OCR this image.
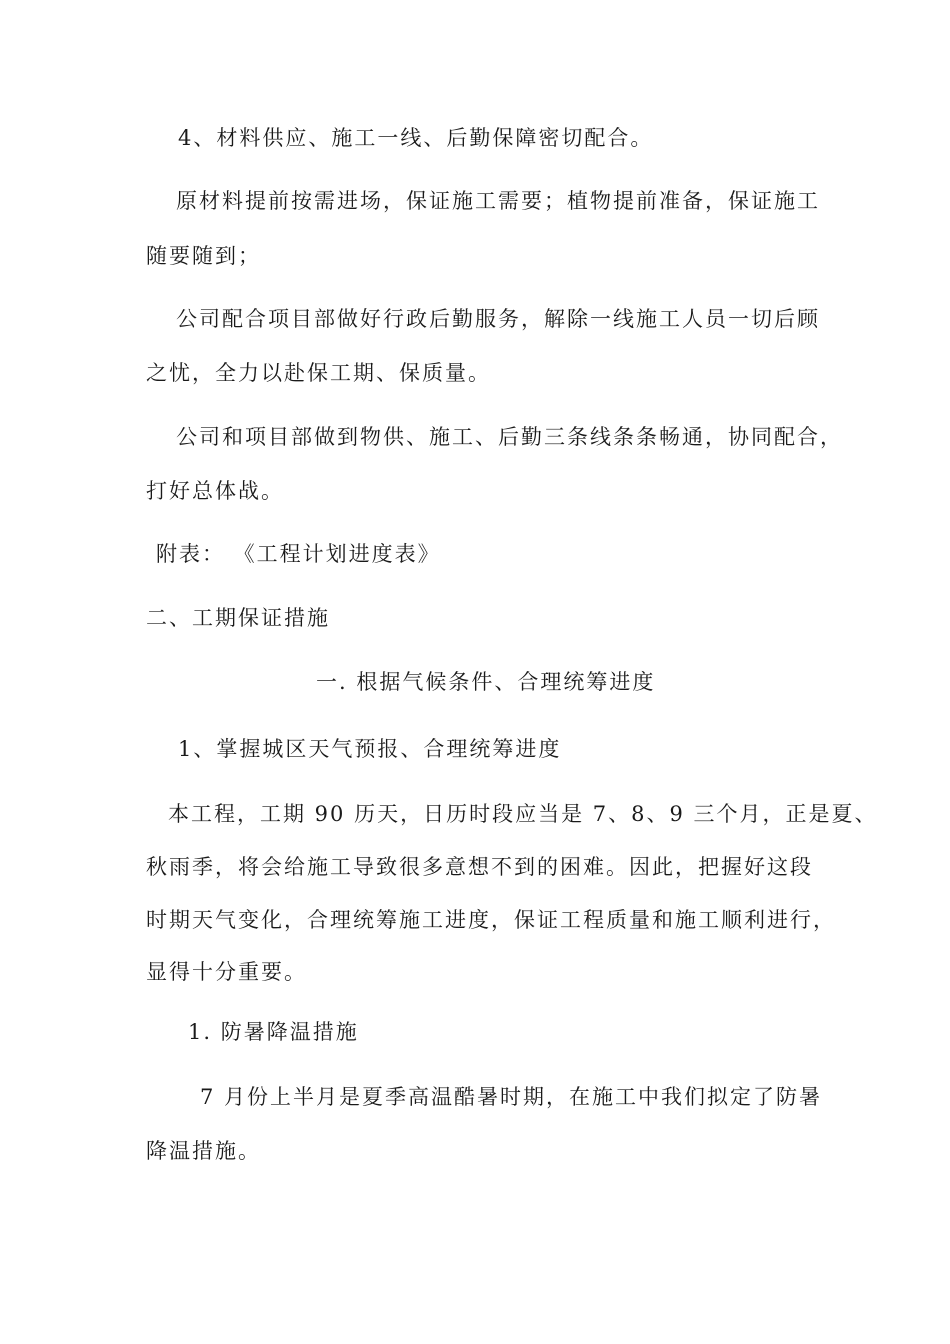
4、材料供应、施工一线、后勤保障密切配合。
原材料提前按需进场，保证施工需要；植物提前准备，保证施工
随要随到；
公司配合项目部做好行政后勤服务，解除一线施工人员一切后顾
之忧，全力以赴保工期、保质量。
公司和项目部做到物供、施工、后勤三条线条条畅通，协同配合，
打好总体战。
附表： 《工程计划进度表》
二、工期保证措施
一. 根据气候条件、合理统筹进度
1、掌握城区天气预报、合理统筹进度
本工程，工期 90 历天，日历时段应当是 7、8、9 三个月，正是夏、
秋雨季，将会给施工导致很多意想不到的困难。因此，把握好这段
时期天气变化，合理统筹施工进度，保证工程质量和施工顺利进行，
显得十分重要。
1. 防暑降温措施
7 月份上半月是夏季高温酷暑时期，在施工中我们拟定了防暑
降温措施。
